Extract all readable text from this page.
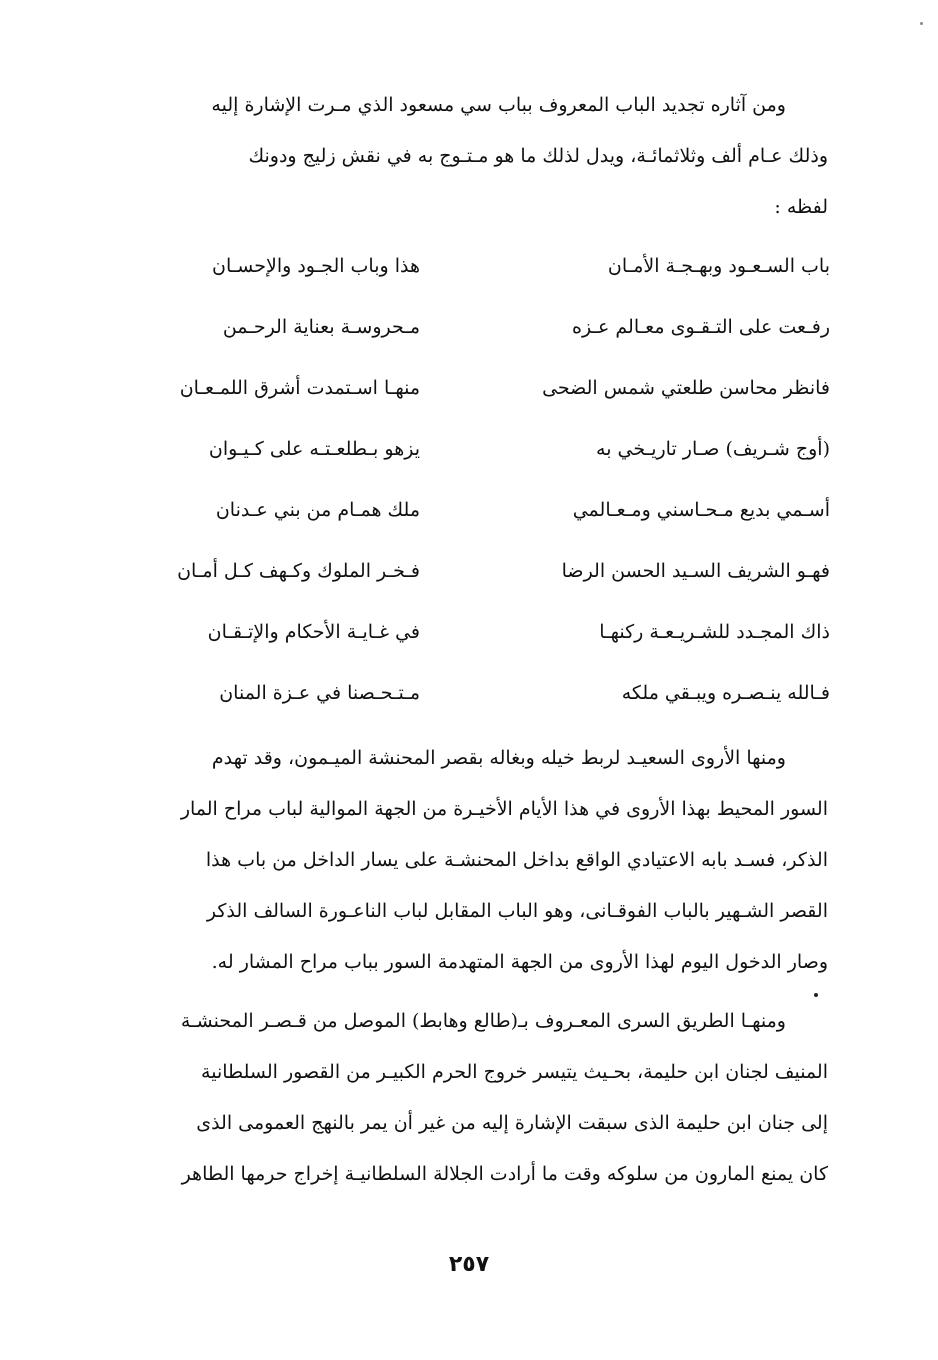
ومن آثاره تجديد الباب المعروف بباب سي مسعود الذي مـرت الإشارة إليه
وذلك عـام ألف وثلاثمائـة، ويدل لذلك ما هو مـتـوج به في نقش زليج ودونك
لفظه :
باب السـعـود وبهـجـة الأمـان
هذا وباب الجـود والإحسـان
رفـعت على التـقـوى معـالم عـزه
مـحروسـة بعناية الرحـمن
فانظر محاسن طلعتي شمس الضحى
منهـا اسـتمدت أشرق اللمـعـان
(أوج شـريف) صـار تاريـخي به
يزهو بـطلعـتـه على كـيـوان
أسـمي بديع مـحـاسني ومـعـالمي
ملك همـام من بني عـدنان
فهـو الشريف السـيد الحسن الرضا
فـخـر الملوك وكـهف كـل أمـان
ذاك المجـدد للشـريـعـة ركنهـا
في غـايـة الأحكام والإتـقـان
فـالله ينـصـره ويبـقي ملكه
مـتـحـصنا في عـزة المنان
ومنها الأروى السعيـد لربط خيله وبغاله بقصر المحنشة الميـمون، وقد تهدم
السور المحيط بهذا الأروى في هذا الأيام الأخيـرة من الجهة الموالية لباب مراح المار
الذكر، فسـد بابه الاعتيادي الواقع بداخل المحنشـة على يسار الداخل من باب هذا
القصر الشـهير بالباب الفوقـانى، وهو الباب المقابل لباب الناعـورة السالف الذكر
وصار الدخول اليوم لهذا الأروى من الجهة المتهدمة السور بباب مراح المشار له.
ومنهـا الطريق السرى المعـروف بـ(طالع وهابط) الموصل من قـصـر المحنشـة
المنيف لجنان ابن حليمة، بحـيث يتيسر خروج الحرم الكبيـر من القصور السلطانية
إلى جنان ابن حليمة الذى سبقت الإشارة إليه من غير أن يمر بالنهج العمومى الذى
كان يمنع المارون من سلوكه وقت ما أرادت الجلالة السلطانيـة إخراج حرمها الطاهر
٢٥٧
